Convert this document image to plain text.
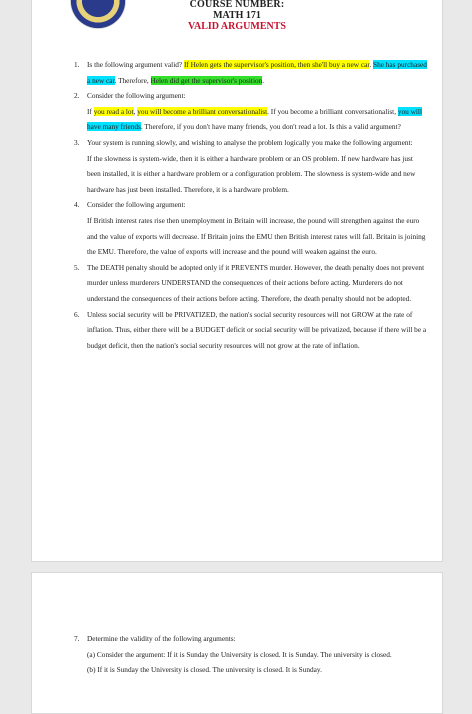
COURSE NUMBER:
MATH 171
VALID ARGUMENTS
1. Is the following argument valid? If Helen gets the supervisor's position, then she'll buy a new car. She has purchased a new car. Therefore, Helen did get the supervisor's position.
2. Consider the following argument:
If you read a lot, you will become a brilliant conversationalist. If you become a brilliant conversationalist, you will have many friends. Therefore, if you don't have many friends, you don't read a lot. Is this a valid argument?
3. Your system is running slowly, and wishing to analyse the problem logically you make the following argument:
If the slowness is system-wide, then it is either a hardware problem or an OS problem. If new hardware has just been installed, it is either a hardware problem or a configuration problem. The slowness is system-wide and new hardware has just been installed. Therefore, it is a hardware problem.
4. Consider the following argument:
If British interest rates rise then unemployment in Britain will increase, the pound will strengthen against the euro and the value of exports will decrease. If Britain joins the EMU then British interest rates will fall. Britain is joining the EMU. Therefore, the value of exports will increase and the pound will weaken against the euro.
5. The DEATH penalty should be adopted only if it PREVENTS murder. However, the death penalty does not prevent murder unless murderers UNDERSTAND the consequences of their actions before acting. Murderers do not understand the consequences of their actions before acting. Therefore, the death penalty should not be adopted.
6. Unless social security will be PRIVATIZED, the nation's social security resources will not GROW at the rate of inflation. Thus, either there will be a BUDGET deficit or social security will be privatized, because if there will be a budget deficit, then the nation's social security resources will not grow at the rate of inflation.
7. Determine the validity of the following arguments:
(a) Consider the argument: If it is Sunday the University is closed. It is Sunday. The university is closed.
(b) If it is Sunday the University is closed. The university is closed. It is Sunday.
